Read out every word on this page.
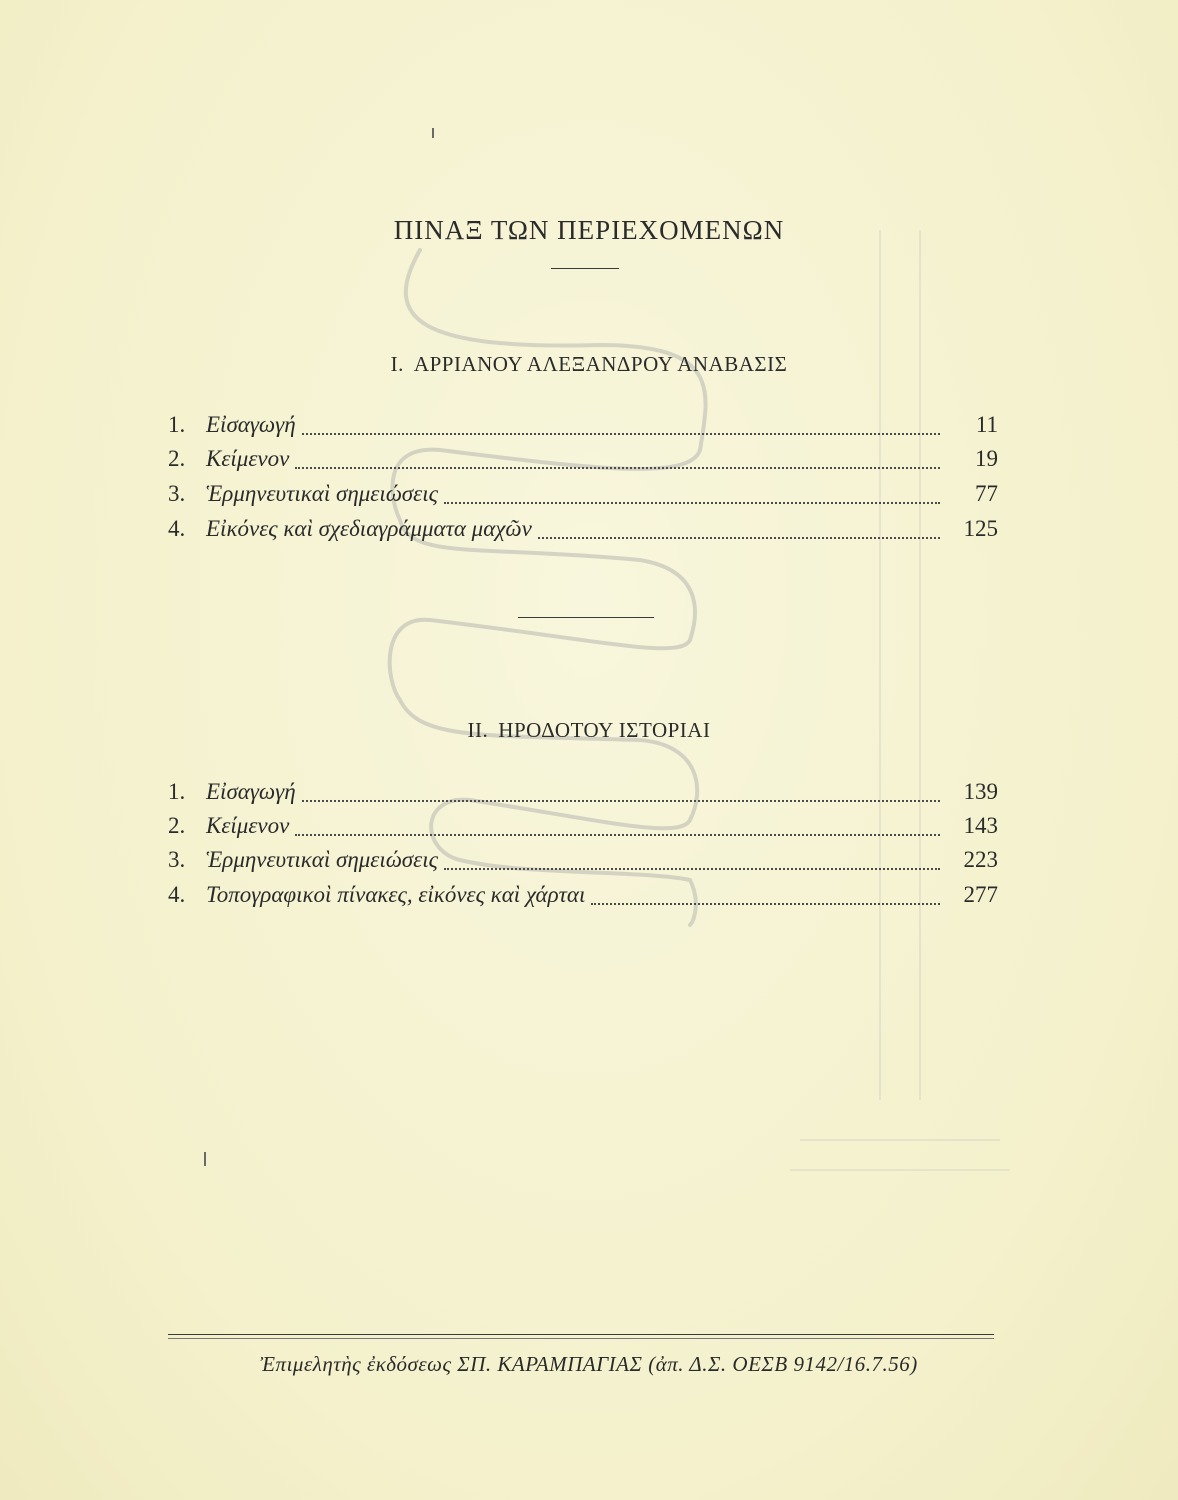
ΠΙΝΑΞ ΤΩΝ ΠΕΡΙΕΧΟΜΕΝΩΝ
I. ΑΡΡΙΑΝΟΥ ΑΛΕΞΑΝΔΡΟΥ ΑΝΑΒΑΣΙΣ
1. Εἰσαγωγή	11
2. Κείμενον	19
3. Ἑρμηνευτικαὶ σημειώσεις	77
4. Εἰκόνες καὶ σχεδιαγράμματα μαχῶν	125
II. ΗΡΟΔΟΤΟΥ ΙΣΤΟΡΙΑΙ
1. Εἰσαγωγή	139
2. Κείμενον	143
3. Ἑρμηνευτικαὶ σημειώσεις	223
4. Τοπογραφικοὶ πίνακες, εἰκόνες καὶ χάρται	277
Ἐπιμελητὴς ἐκδόσεως ΣΠ. ΚΑΡΑΜΠΑΓΙΑΣ (ἀπ. Δ.Σ. ΟΕΣΒ 9142/16.7.56)
